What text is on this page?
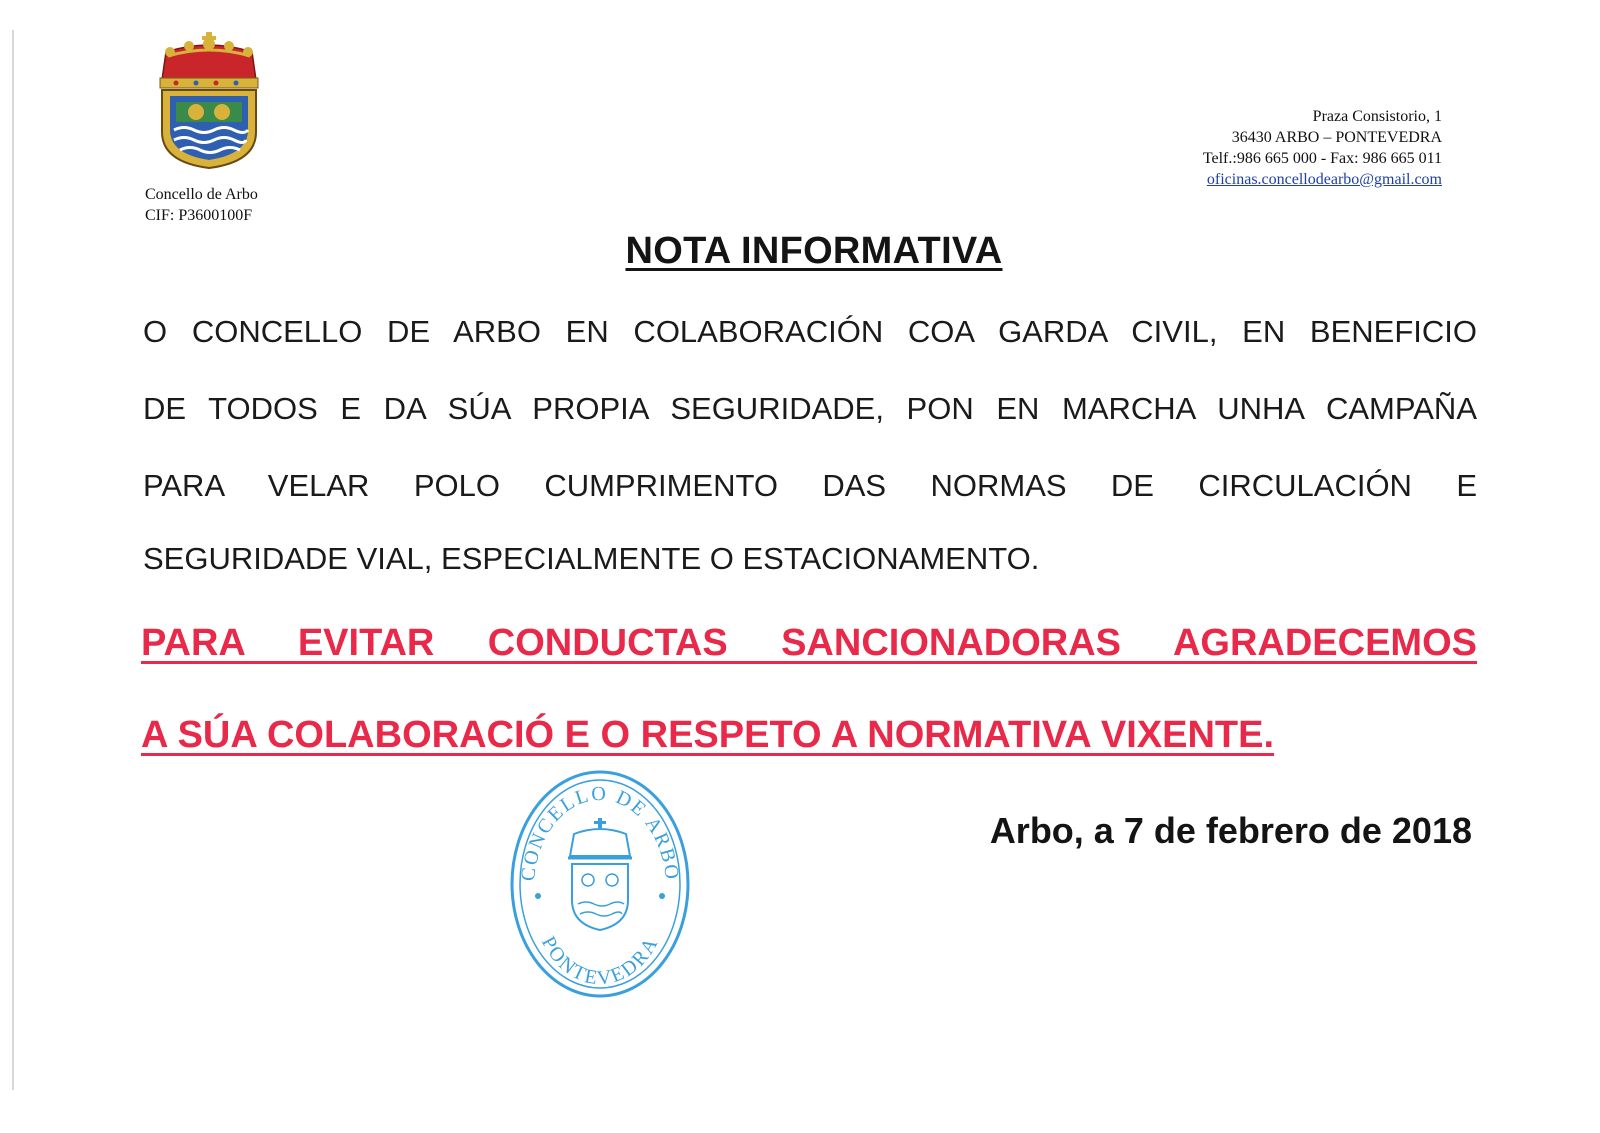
Concello de Arbo
CIF: P3600100F
Praza Consistorio, 1
36430 ARBO – PONTEVEDRA
Telf.:986 665 000 - Fax: 986 665 011
oficinas.concellodearbo@gmail.com
NOTA INFORMATIVA
O CONCELLO DE ARBO EN COLABORACIÓN COA GARDA CIVIL, EN BENEFICIO
DE TODOS E DA SÚA PROPIA SEGURIDADE, PON EN MARCHA UNHA CAMPAÑA
PARA VELAR POLO CUMPRIMENTO DAS NORMAS DE CIRCULACIÓN E
SEGURIDADE VIAL, ESPECIALMENTE O ESTACIONAMENTO.
PARA EVITAR CONDUCTAS SANCIONADORAS AGRADECEMOS
A SÚA COLABORACIÓ E O RESPETO A NORMATIVA VIXENTE.
Arbo, a 7 de febrero de 2018
CONCELLO DE ARBO
PONTEVEDRA
